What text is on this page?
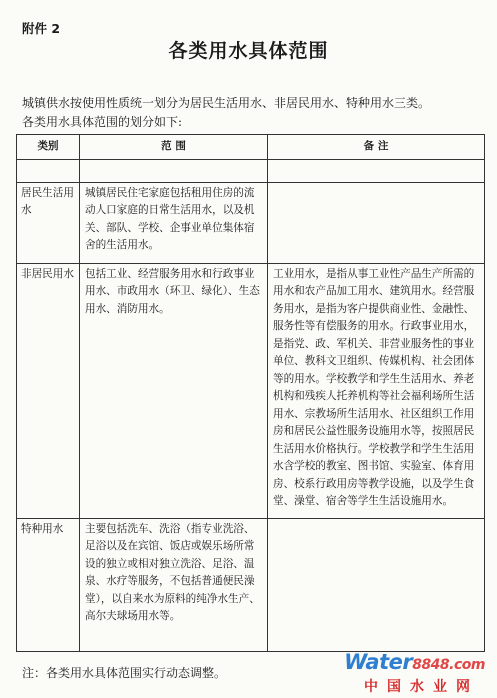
附件 2
各类用水具体范围

城镇供水按使用性质统一划分为居民生活用水、非居民用水、特种用水三类。

各类用水具体范围的划分如下:

类别	范 围	备 注

居民生活用水	城镇居民住宅家庭包括租用住房的流动人口家庭的日常生活用水，以及机关、部队、学校、企事业单位集体宿舍的生活用水。	
非居民用水	包括工业、经营服务用水和行政事业用水、市政用水（环卫、绿化）、生态用水、消防用水。	工业用水，是指从事工业性产品生产所需的用水和农产品加工用水、建筑用水。经营服务用水，是指为客户提供商业性、金融性、服务性等有偿服务的用水。行政事业用水，是指党、政、军机关、非营业服务性的事业单位、教科文卫组织、传媒机构、社会团体等的用水。学校教学和学生生活用水、养老机构和残疾人托养机构等社会福利场所生活用水、宗教场所生活用水、社区组织工作用房和居民公益性服务设施用水等，按照居民生活用水价格执行。学校教学和学生生活用水含学校的教室、图书馆、实验室、体育用房、校系行政用房等教学设施，以及学生食堂、澡堂、宿舍等学生生活设施用水。
特种用水	主要包括洗车、洗浴（指专业洗浴、足浴以及在宾馆、饭店或娱乐场所常设的独立或相对独立洗浴、足浴、温泉、水疗等服务，不包括普通便民澡堂），以自来水为原料的纯净水生产、高尔夫球场用水等。	
注：各类用水具体范围实行动态调整。	Water8848.com
中国水业网
